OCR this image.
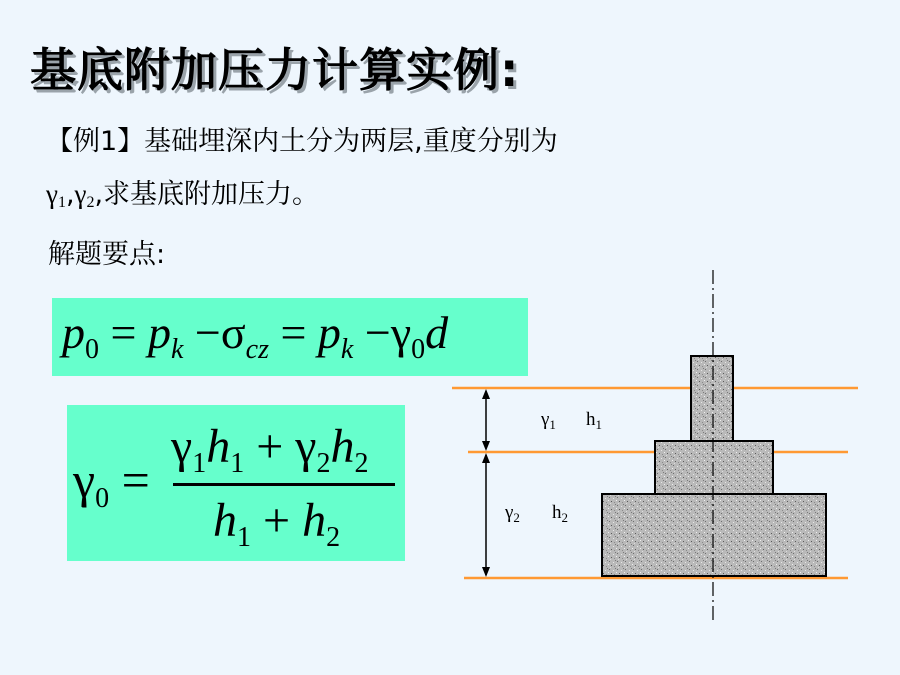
基底附加压力计算实例:
【例1】基础埋深内土分为两层,重度分别为
$\gamma_1,\gamma_2$,求基底附加压力。
解题要点:
$p_0 = p_k -\sigma_{cz} = p_k -\gamma_0d$
$\gamma_0$ =
$\gamma_1h_1 + \gamma_2h_2$
$h_1 + h_2$
$\gamma_1$ $h_1$
$\gamma_2$ $h_2$
